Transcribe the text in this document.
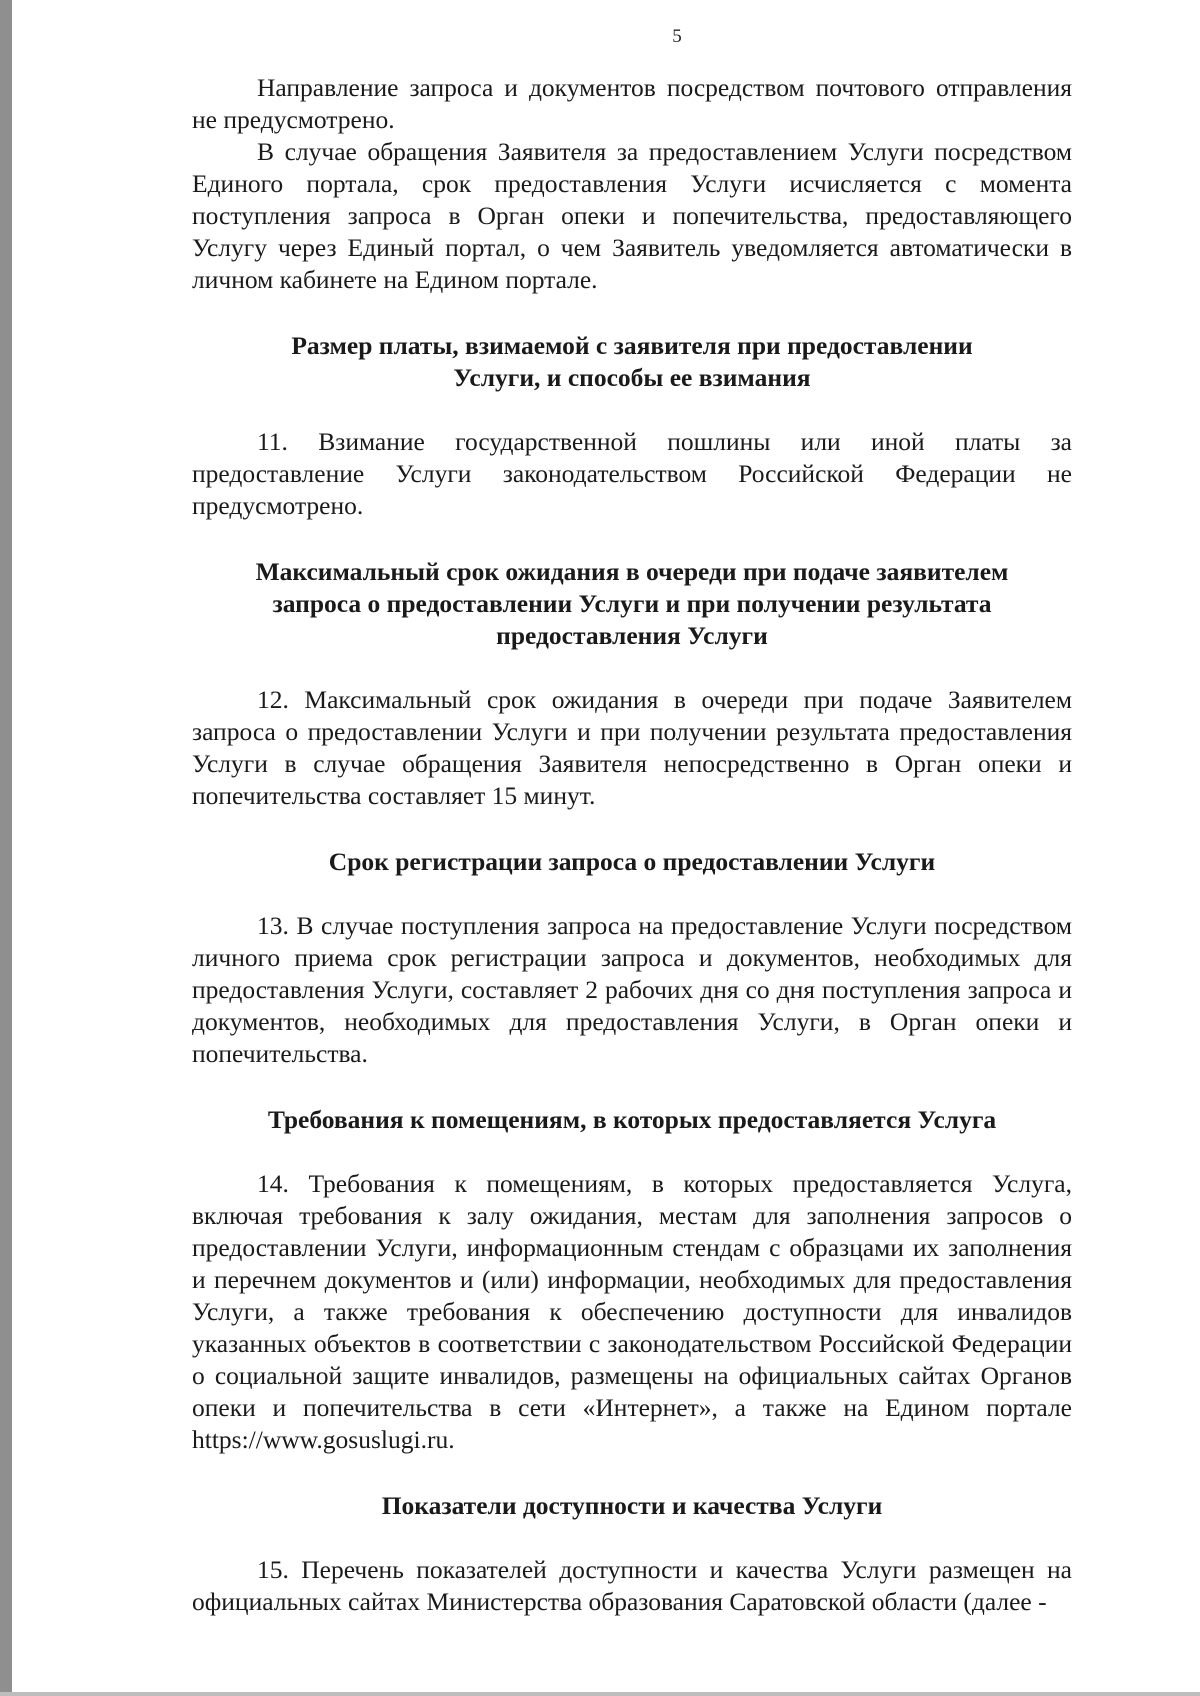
5

Направление запроса и документов посредством почтового отправления не предусмотрено.

В случае обращения Заявителя за предоставлением Услуги посредством Единого портала, срок предоставления Услуги исчисляется с момента поступления запроса в Орган опеки и попечительства, предоставляющего Услугу через Единый портал, о чем Заявитель уведомляется автоматически в личном кабинете на Едином портале.

Размер платы, взимаемой с заявителя при предоставлении
Услуги, и способы ее взимания

11. Взимание государственной пошлины или иной платы за предоставление Услуги законодательством Российской Федерации не предусмотрено.

Максимальный срок ожидания в очереди при подаче заявителем
запроса о предоставлении Услуги и при получении результата
предоставления Услуги

12. Максимальный срок ожидания в очереди при подаче Заявителем запроса о предоставлении Услуги и при получении результата предоставления Услуги в случае обращения Заявителя непосредственно в Орган опеки и попечительства составляет 15 минут.

Срок регистрации запроса о предоставлении Услуги

13. В случае поступления запроса на предоставление Услуги посредством личного приема срок регистрации запроса и документов, необходимых для предоставления Услуги, составляет 2 рабочих дня со дня поступления запроса и документов, необходимых для предоставления Услуги, в Орган опеки и попечительства.

Требования к помещениям, в которых предоставляется Услуга

14. Требования к помещениям, в которых предоставляется Услуга, включая требования к залу ожидания, местам для заполнения запросов о предоставлении Услуги, информационным стендам с образцами их заполнения и перечнем документов и (или) информации, необходимых для предоставления Услуги, а также требования к обеспечению доступности для инвалидов указанных объектов в соответствии с законодательством Российской Федерации о социальной защите инвалидов, размещены на официальных сайтах Органов опеки и попечительства в сети «Интернет», а также на Едином портале https://www.gosuslugi.ru.

Показатели доступности и качества Услуги

15. Перечень показателей доступности и качества Услуги размещен на официальных сайтах Министерства образования Саратовской области (далее -
